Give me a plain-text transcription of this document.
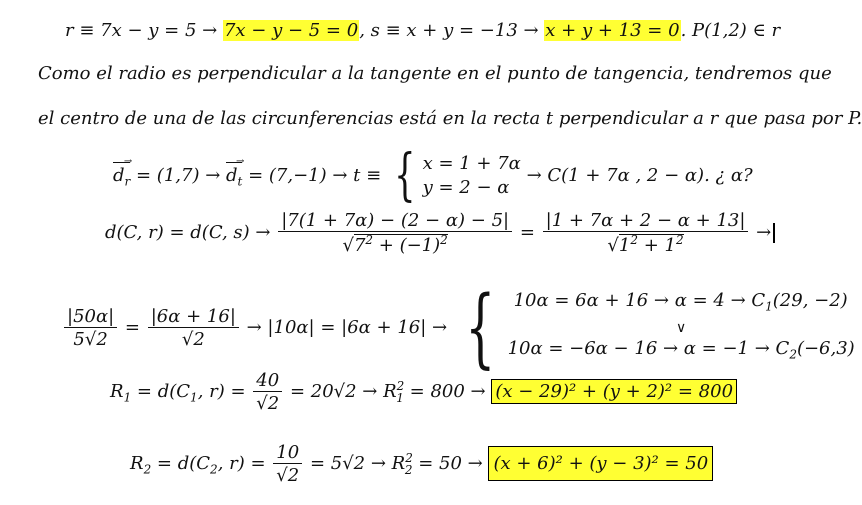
r ≡ 7x − y = 5 → 7x − y − 5 = 0, s ≡ x + y = −13 → x + y + 13 = 0. P(1,2) ∈ r
Como el radio es perpendicular a la tangente en el punto de tangencia, tendremos que
el centro de una de las circunferencias está en la recta t perpendicular a r que pasa por P.
$d_r$
→
= $(1,7) \to d_t$
→
= (7,−1) → t ≡ { x = 1 + 7α
y = 2 − α
→ C(1 + 7α , 2 − α). ¿ α?
d(C, r) = d(C, $s) \to \frac{|7(1 + 7\alpha) - (2 - \alpha) - 5|}{√7^2 + (-1)^2} = \frac{|1 + 7\alpha + 2 - \alpha + 13|}{√1^2 + 1^2}$ →
$\frac{|50\alpha|}{5√2} = \frac{|6\alpha + 16|}{√2} \to |10\alpha| = |6\alpha + 16|$ → {	$10\alpha = 6\alpha + 16 \to \alpha = 4 \to C_1(29$, −2)
∨
$10\alpha = -6\alpha - 16 \to \alpha = -1 \to C_2(-6,3)$
$R_1 = d(C_1$, $r) = \frac{40}{√2} = 20√2 \to R^2_1 = 800 \to (x - 29)^2 + (y + 2)^2 = 800$
$R_2 = d(C_2$, $r) = \frac{10}{√2} = 5√2 \to R^2_2 = 50 \to (x + 6)^2 + (y - 3)^2 = 50$
